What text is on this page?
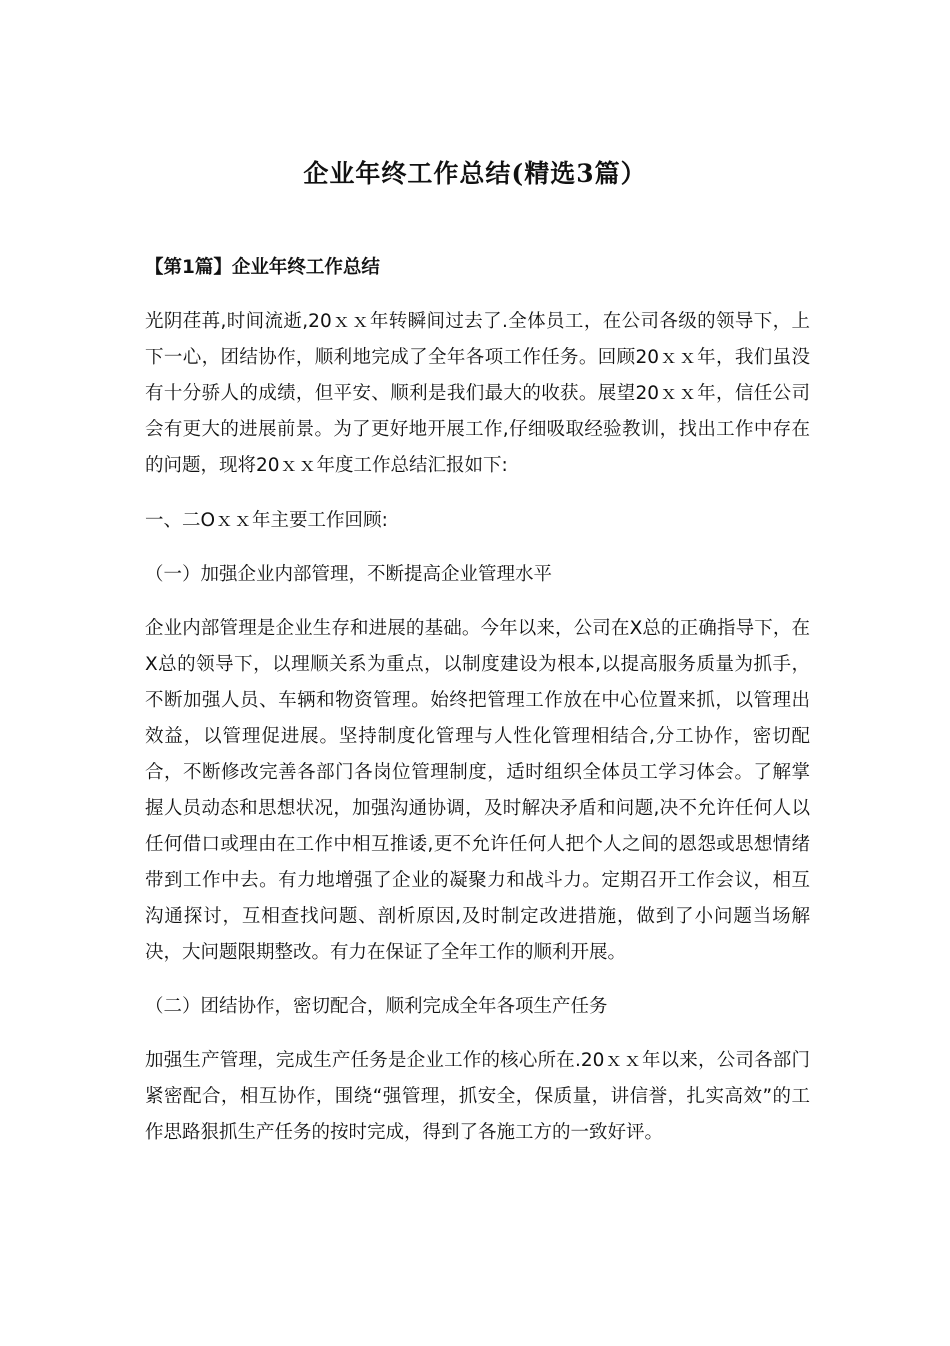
企业年终工作总结(精选3篇）

【第1篇】企业年终工作总结

光阴荏苒,时间流逝,20ｘｘ年转瞬间过去了.全体员工，在公司各级的领导下，上下一心，团结协作，顺利地完成了全年各项工作任务。回顾20ｘｘ年，我们虽没有十分骄人的成绩，但平安、顺利是我们最大的收获。展望20ｘｘ年，信任公司会有更大的进展前景。为了更好地开展工作,仔细吸取经验教训，找出工作中存在的问题，现将20ｘｘ年度工作总结汇报如下:

一、二Oｘｘ年主要工作回顾:

（一）加强企业内部管理，不断提高企业管理水平

企业内部管理是企业生存和进展的基础。今年以来，公司在X总的正确指导下，在X总的领导下，以理顺关系为重点，以制度建设为根本,以提高服务质量为抓手，不断加强人员、车辆和物资管理。始终把管理工作放在中心位置来抓，以管理出效益，以管理促进展。坚持制度化管理与人性化管理相结合,分工协作，密切配合，不断修改完善各部门各岗位管理制度，适时组织全体员工学习体会。了解掌握人员动态和思想状况，加强沟通协调，及时解决矛盾和问题,决不允许任何人以任何借口或理由在工作中相互推诿,更不允许任何人把个人之间的恩怨或思想情绪带到工作中去。有力地增强了企业的凝聚力和战斗力。定期召开工作会议，相互沟通探讨，互相查找问题、剖析原因,及时制定改进措施，做到了小问题当场解决，大问题限期整改。有力在保证了全年工作的顺利开展。

（二）团结协作，密切配合，顺利完成全年各项生产任务

加强生产管理，完成生产任务是企业工作的核心所在.20ｘｘ年以来，公司各部门紧密配合，相互协作，围绕“强管理，抓安全，保质量，讲信誉，扎实高效”的工作思路狠抓生产任务的按时完成，得到了各施工方的一致好评。
